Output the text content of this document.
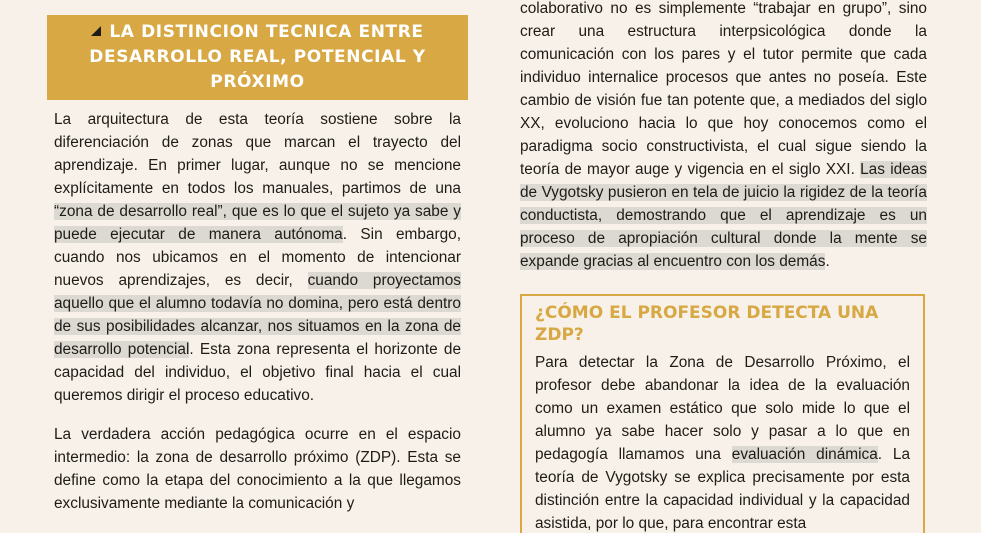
LA DISTINCION TECNICA ENTRE DESARROLLO REAL, POTENCIAL Y PRÓXIMO

La arquitectura de esta teoría sostiene sobre la diferenciación de zonas que marcan el trayecto del aprendizaje. En primer lugar, aunque no se mencione explícitamente en todos los manuales, partimos de una “zona de desarrollo real”, que es lo que el sujeto ya sabe y puede ejecutar de manera autónoma. Sin embargo, cuando nos ubicamos en el momento de intencionar nuevos aprendizajes, es decir, cuando proyectamos aquello que el alumno todavía no domina, pero está dentro de sus posibilidades alcanzar, nos situamos en la zona de desarrollo potencial. Esta zona representa el horizonte de capacidad del individuo, el objetivo final hacia el cual queremos dirigir el proceso educativo.

La verdadera acción pedagógica ocurre en el espacio intermedio: la zona de desarrollo próximo (ZDP). Esta se define como la etapa del conocimiento a la que llegamos exclusivamente mediante la comunicación y

colaborativo no es simplemente “trabajar en grupo”, sino crear una estructura interpsicológica donde la comunicación con los pares y el tutor permite que cada individuo internalice procesos que antes no poseía. Este cambio de visión fue tan potente que, a mediados del siglo XX, evoluciono hacia lo que hoy conocemos como el paradigma socio constructivista, el cual sigue siendo la teoría de mayor auge y vigencia en el siglo XXI. Las ideas de Vygotsky pusieron en tela de juicio la rigidez de la teoría conductista, demostrando que el aprendizaje es un proceso de apropiación cultural donde la mente se expande gracias al encuentro con los demás.

¿CÓMO EL PROFESOR DETECTA UNA ZDP?

Para detectar la Zona de Desarrollo Próximo, el profesor debe abandonar la idea de la evaluación como un examen estático que solo mide lo que el alumno ya sabe hacer solo y pasar a lo que en pedagogía llamamos una evaluación dinámica. La teoría de Vygotsky se explica precisamente por esta distinción entre la capacidad individual y la capacidad asistida, por lo que, para encontrar esta
